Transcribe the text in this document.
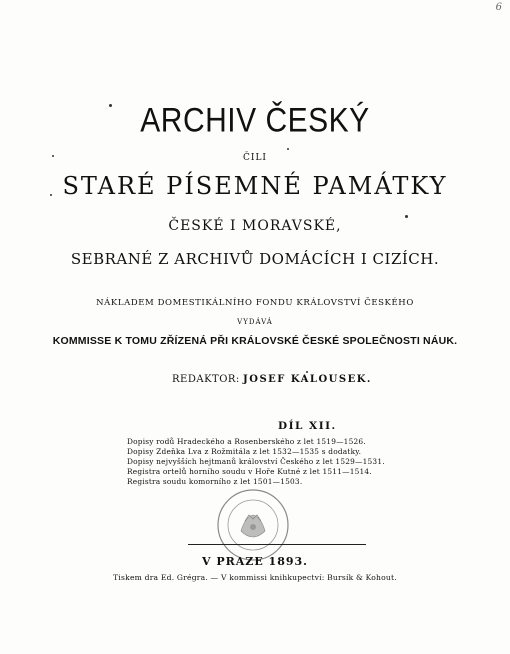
6
ARCHIV ČESKÝ
ČILI
STARÉ PÍSEMNÉ PAMÁTKY
ČESKÉ I MORAVSKÉ,
SEBRANÉ Z ARCHIVŮ DOMÁCÍCH I CIZÍCH.
NÁKLADEM DOMESTIKÁLNÍHO FONDU KRÁLOVSTVÍ ČESKÉHO
VYDÁVÁ
KOMMISSE K TOMU ZŘÍZENÁ PŘI KRÁLOVSKÉ ČESKÉ SPOLEČNOSTI NÁUK.
REDAKTOR: JOSEF KALOUSEK.
DÍL XII.
Dopisy rodů Hradeckého a Rosenberského z let 1519—1526.
Dopisy Zdeňka Lva z Rožmitála z let 1532—1535 s dodatky.
Dopisy nejvyšších hejtmanů království Českého z let 1529—1531.
Registra ortelů horního soudu v Hoře Kutné z let 1511—1514.
Registra soudu komorního z let 1501—1503.
V PRAZE 1893.
Tiskem dra Ed. Grégra. — V kommissi knihkupectví: Bursík & Kohout.
